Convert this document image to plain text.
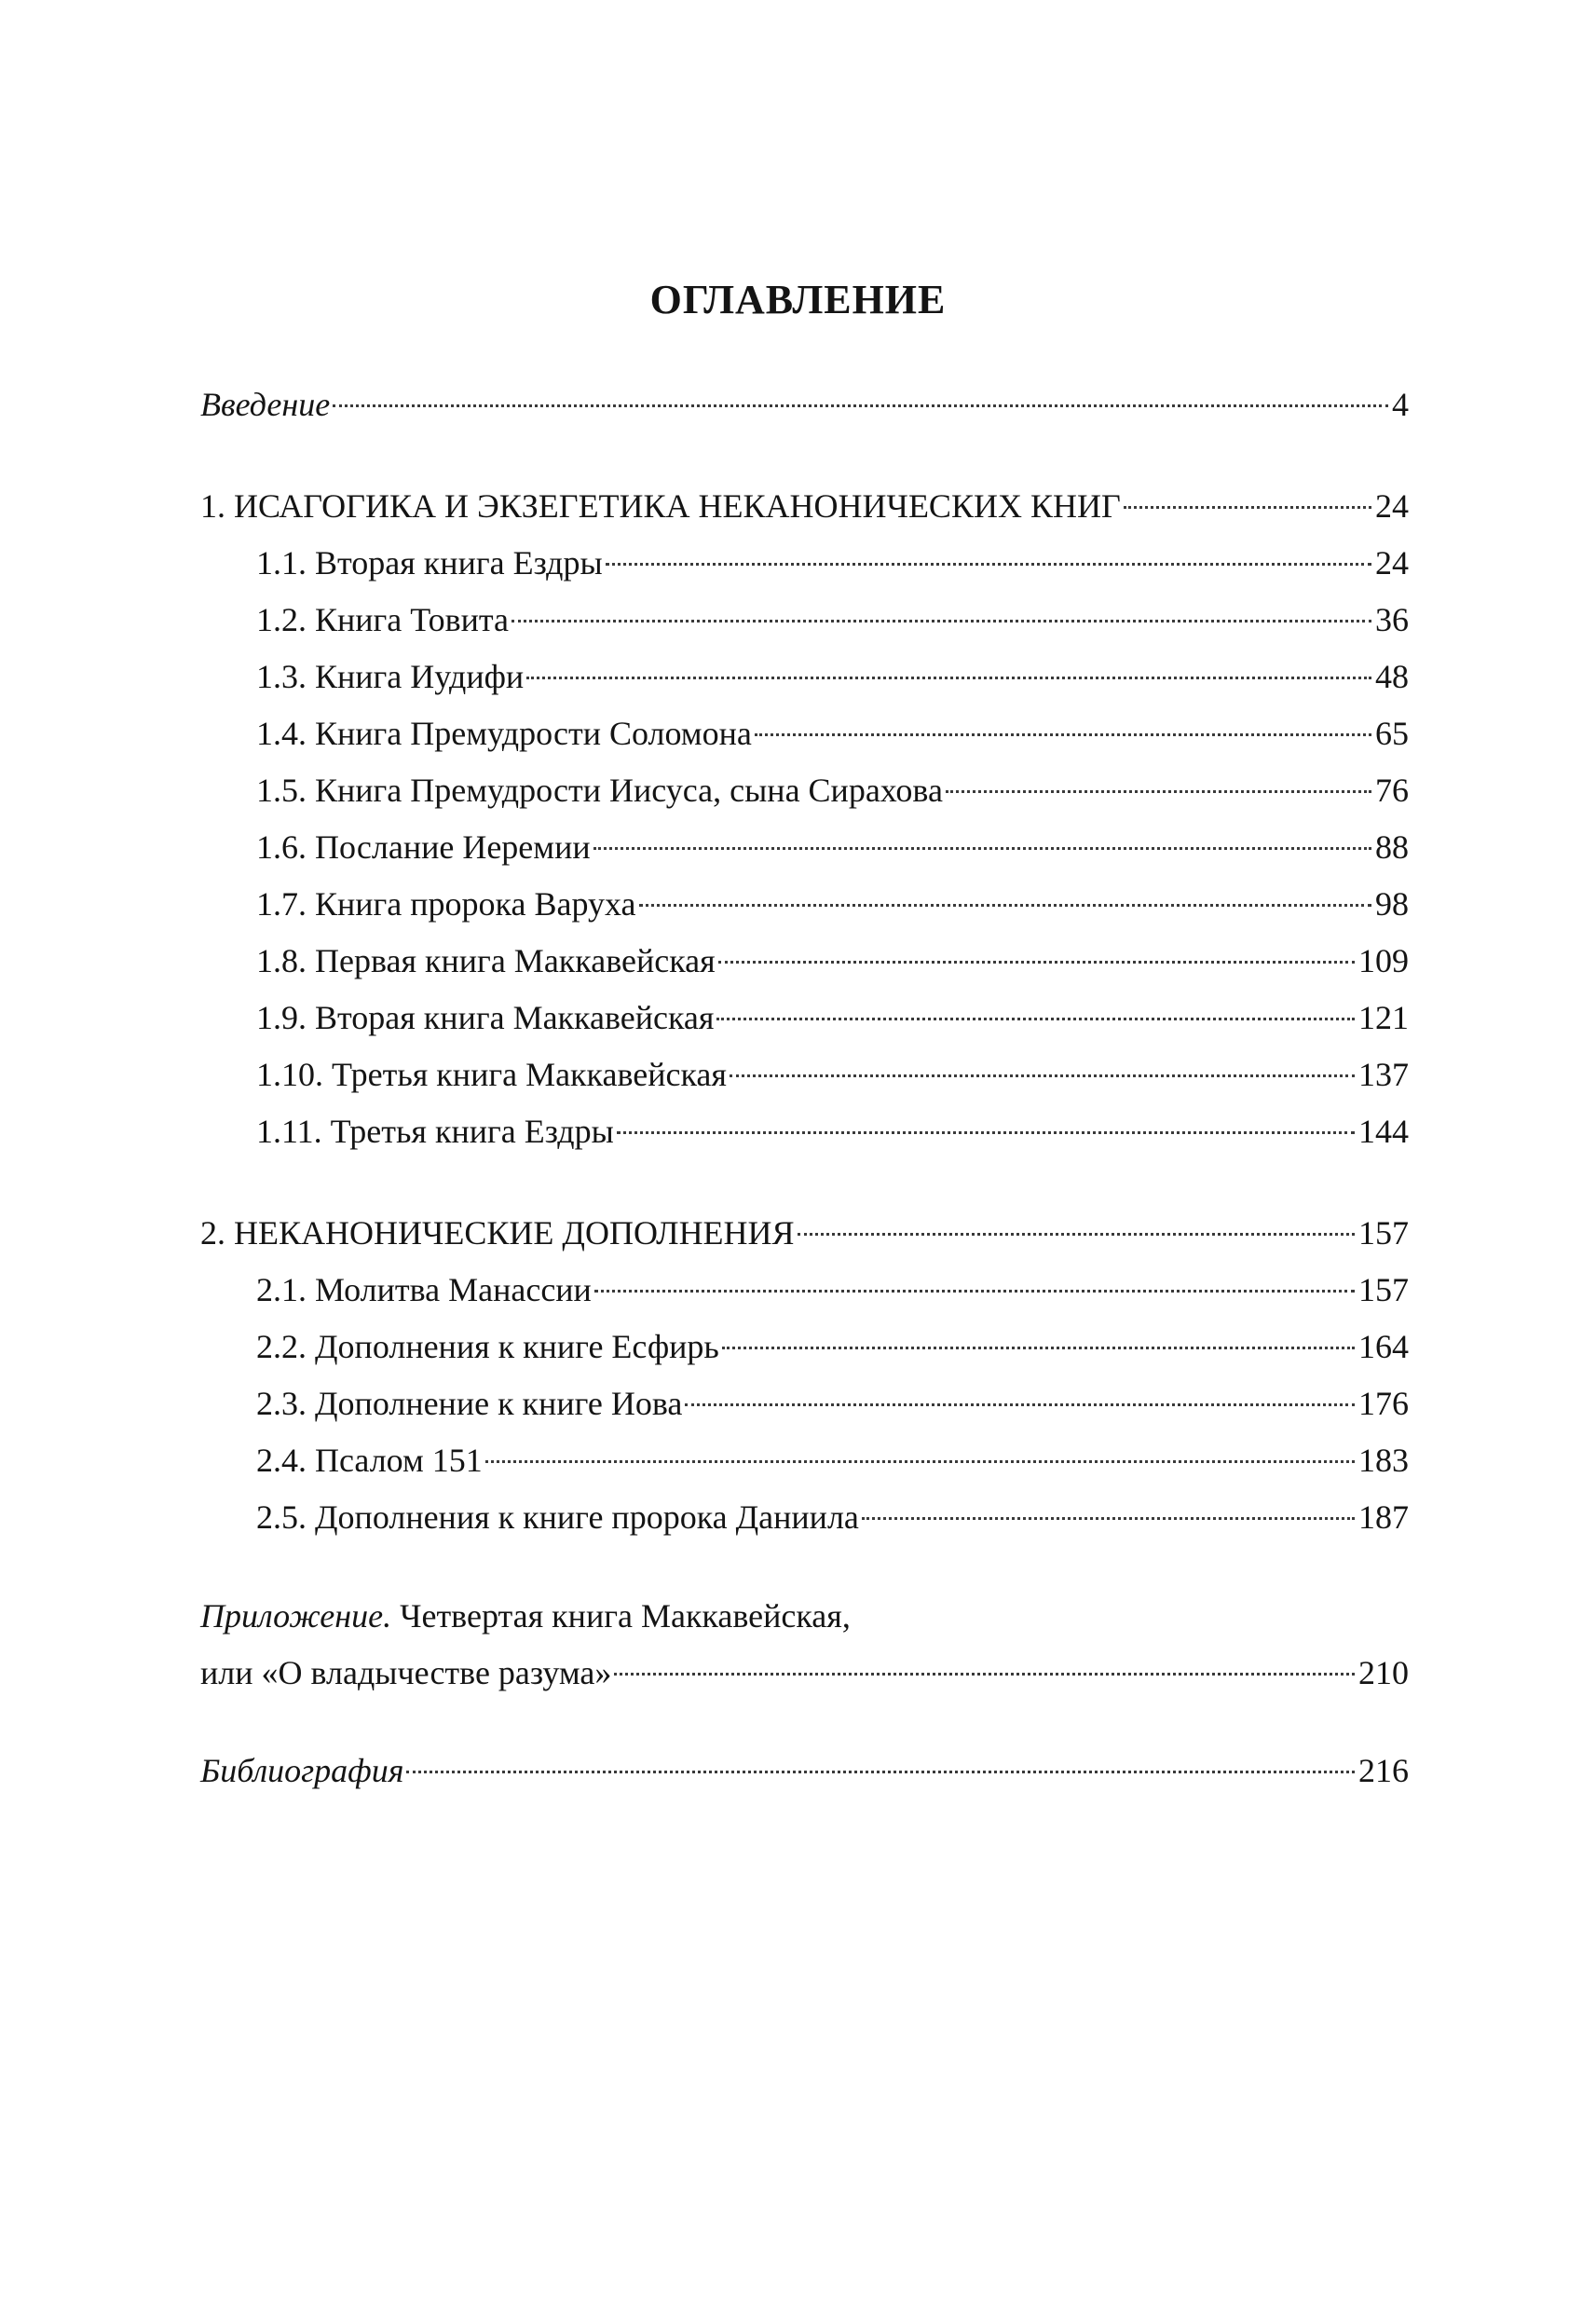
ОГЛАВЛЕНИЕ
Введение	4
1. ИСАГОГИКА И ЭКЗЕГЕТИКА НЕКАНОНИЧЕСКИХ КНИГ	24
1.1. Вторая книга Ездры	24
1.2. Книга Товита	36
1.3. Книга Иудифи	48
1.4. Книга Премудрости Соломона	65
1.5. Книга Премудрости Иисуса, сына Сирахова	76
1.6. Послание Иеремии	88
1.7. Книга пророка Варуха	98
1.8. Первая книга Маккавейская	109
1.9. Вторая книга Маккавейская	121
1.10. Третья книга Маккавейская	137
1.11. Третья книга Ездры	144
2. НЕКАНОНИЧЕСКИЕ ДОПОЛНЕНИЯ	157
2.1. Молитва Манассии	157
2.2. Дополнения к книге Есфирь	164
2.3. Дополнение к книге Иова	176
2.4. Псалом 151	183
2.5. Дополнения к книге пророка Даниила	187
Приложение. Четвертая книга Маккавейская,
или «О владычестве разума»	210
Библиография	216
